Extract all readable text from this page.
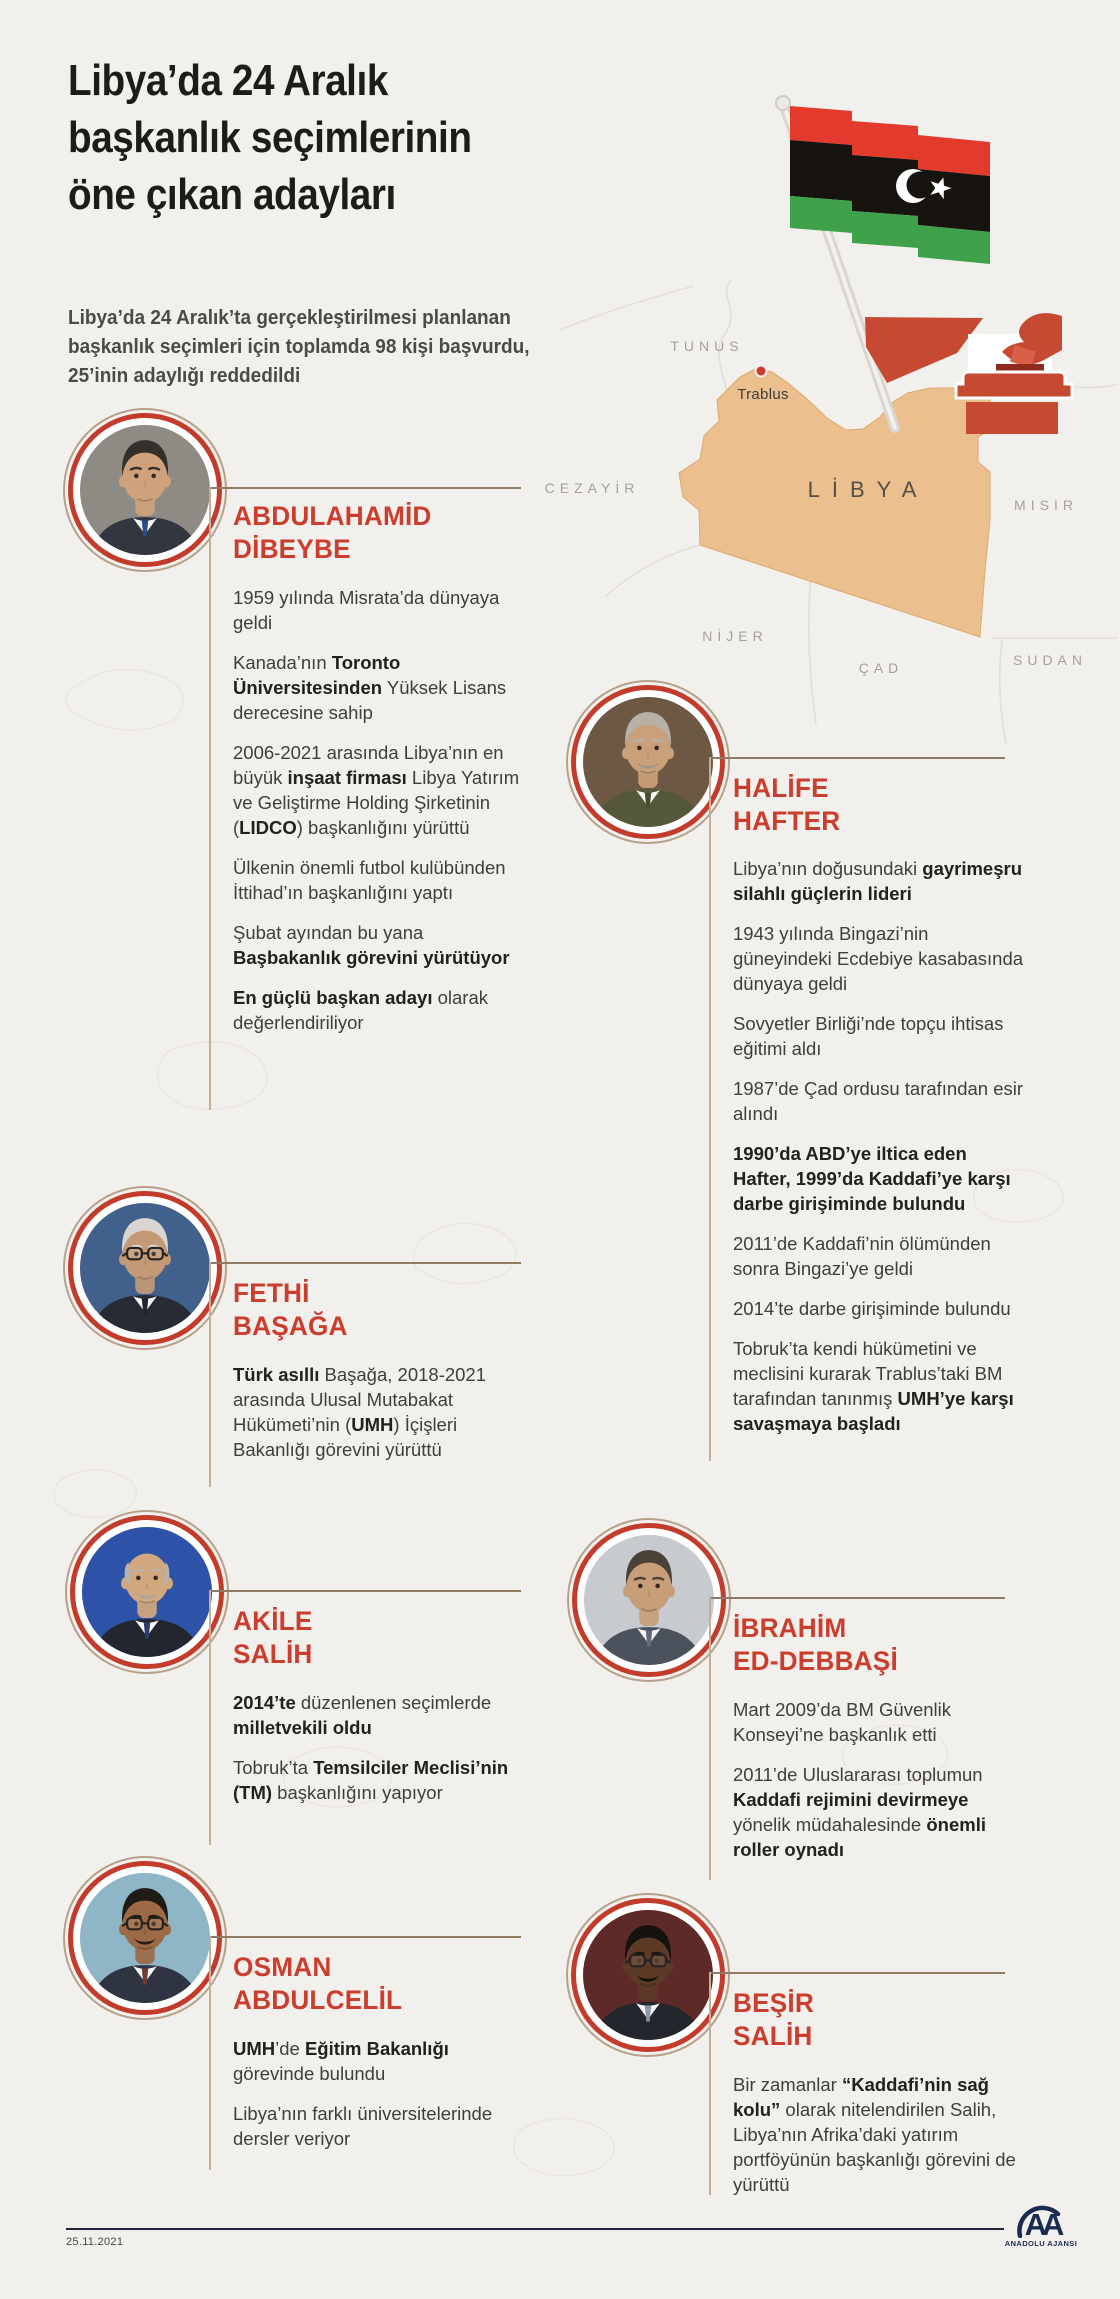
Libya’da 24 Aralık
başkanlık seçimlerinin
öne çıkan adayları

Libya’da 24 Aralık’ta gerçekleştirilmesi planlanan başkanlık seçimleri için toplamda 98 kişi başvurdu, 25’inin adaylığı reddedildi

TUNUS
CEZAYİR	LİBYA
MISIR
NİJER
ÇAD	SUDAN
Trablus
ABDULAHAMİD
DİBEYBE

1959 yılında Misrata’da dünyaya geldi

Kanada’nın Toronto Üniversitesinden Yüksek Lisans derecesine sahip

2006-2021 arasında Libya’nın en büyük inşaat firması Libya Yatırım ve Geliştirme Holding Şirketinin (LIDCO) başkanlığını yürüttü

Ülkenin önemli futbol kulübünden İttihad’ın başkanlığını yaptı

Şubat ayından bu yana Başbakanlık görevini yürütüyor

En güçlü başkan adayı olarak değerlendiriliyor

HALİFE
HAFTER

Libya’nın doğusundaki gayrimeşru silahlı güçlerin lideri

1943 yılında Bingazi’nin güneyindeki Ecdebiye kasabasında dünyaya geldi

Sovyetler Birliği’nde topçu ihtisas eğitimi aldı

1987’de Çad ordusu tarafından esir alındı

1990’da ABD’ye iltica eden Hafter, 1999’da Kaddafi’ye karşı darbe girişiminde bulundu

2011’de Kaddafi’nin ölümünden sonra Bingazi’ye geldi

2014’te darbe girişiminde bulundu

Tobruk’ta kendi hükümetini ve meclisini kurarak Trablus’taki BM tarafından tanınmış UMH’ye karşı savaşmaya başladı

FETHİ
BAŞAĞA

Türk asıllı Başağa, 2018-2021 arasında Ulusal Mutabakat Hükümeti’nin (UMH) İçişleri Bakanlığı görevini yürüttü

AKİLE
SALİH

2014’te düzenlenen seçimlerde milletvekili oldu

Tobruk’ta Temsilciler Meclisi’nin (TM) başkanlığını yapıyor

İBRAHİM
ED-DEBBAŞİ

Mart 2009’da BM Güvenlik Konseyi’ne başkanlık etti

2011’de Uluslararası toplumun Kaddafi rejimini devirmeye yönelik müdahalesinde önemli roller oynadı

OSMAN
ABDULCELİL

UMH’de Eğitim Bakanlığı görevinde bulundu

Libya’nın farklı üniversitelerinde dersler veriyor

BEŞİR
SALİH

Bir zamanlar “Kaddafi’nin sağ kolu” olarak nitelendirilen Salih, Libya’nın Afrika’daki yatırım portföyünün başkanlığı görevini de yürüttü

25.11.2021	AA
ANADOLU AJANSI
